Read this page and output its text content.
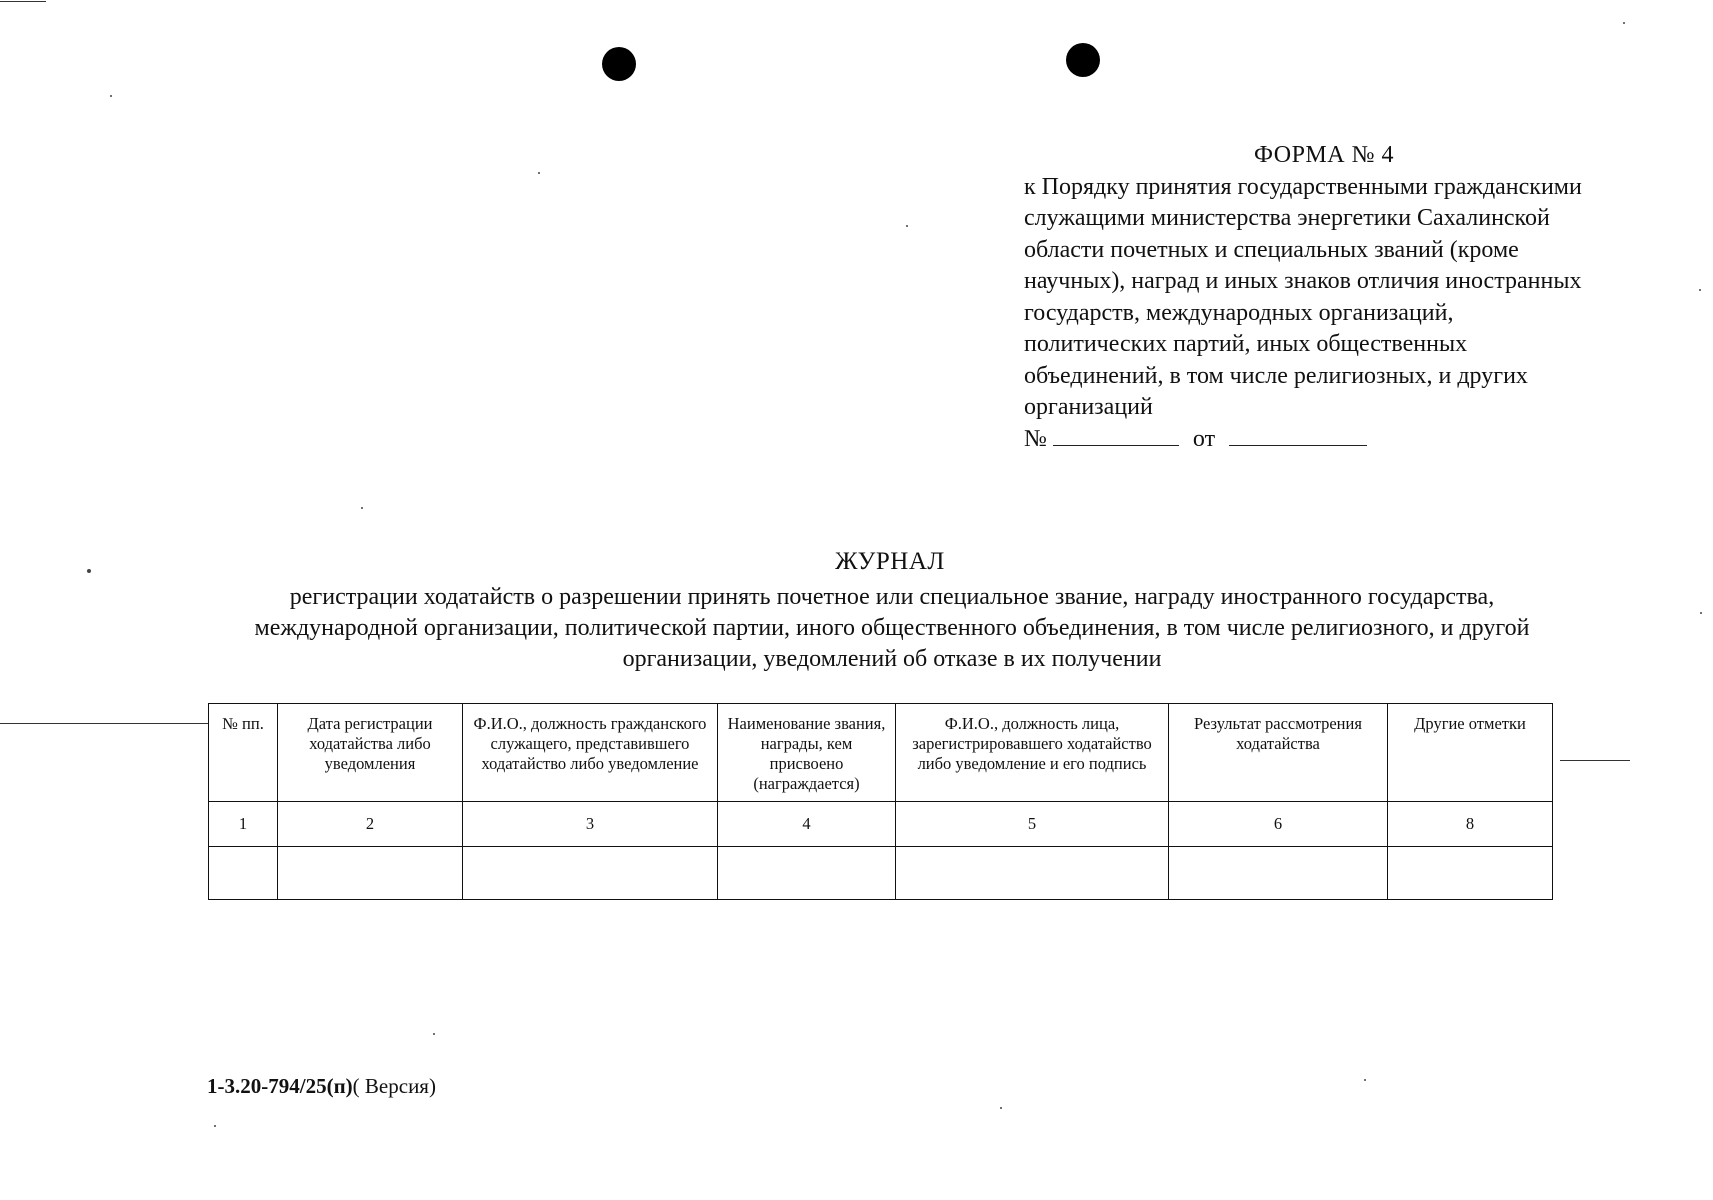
ФОРМА № 4
к Порядку принятия государственными гражданскими служащими министерства энергетики Сахалинской области почетных и специальных званий (кроме научных), наград и иных знаков отличия иностранных государств, международных организаций, политических партий, иных общественных объединений, в том числе религиозных, и других организаций
№	от
ЖУРНАЛ
регистрации ходатайств о разрешении принять почетное или специальное звание, награду иностранного государства, международной организации, политической партии, иного общественного объединения, в том числе религиозного, и другой организации, уведомлений об отказе в их получении
№ пп.	Дата регистрации ходатайства либо уведомления	Ф.И.О., должность гражданского служащего, представившего ходатайство либо уведомление	Наименование звания, награды, кем присвоено (награждается)	Ф.И.О., должность лица, зарегистрировавшего ходатайство либо уведомление и его подпись	Результат рассмотрения ходатайства	Другие отметки
1	2	3	4	5	6	8

1-3.20-794/25(п)( Версия)
